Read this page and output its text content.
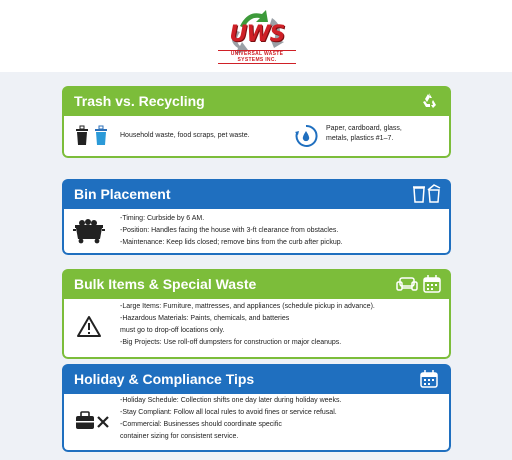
UWS
UNIVERSAL WASTE SYSTEMS INC.
Trash vs. Recycling
Household waste, food scraps, pet waste.
Paper, cardboard, glass,
metals, plastics #1–7.
Bin Placement
-Timing: Curbside by 6 AM.
-Position: Handles facing the house with 3-ft clearance from obstacles.
-Maintenance: Keep lids closed; remove bins from the curb after pickup.
Bulk Items & Special Waste
-Large Items: Furniture, mattresses, and appliances (schedule pickup in advance).
-Hazardous Materials: Paints, chemicals, and batteries
must go to drop-off locations only.
-Big Projects: Use roll-off dumpsters for construction or major cleanups.
Holiday & Compliance Tips
-Holiday Schedule: Collection shifts one day later during holiday weeks.
-Stay Compliant: Follow all local rules to avoid fines or service refusal.
-Commercial: Businesses should coordinate specific
container sizing for consistent service.
